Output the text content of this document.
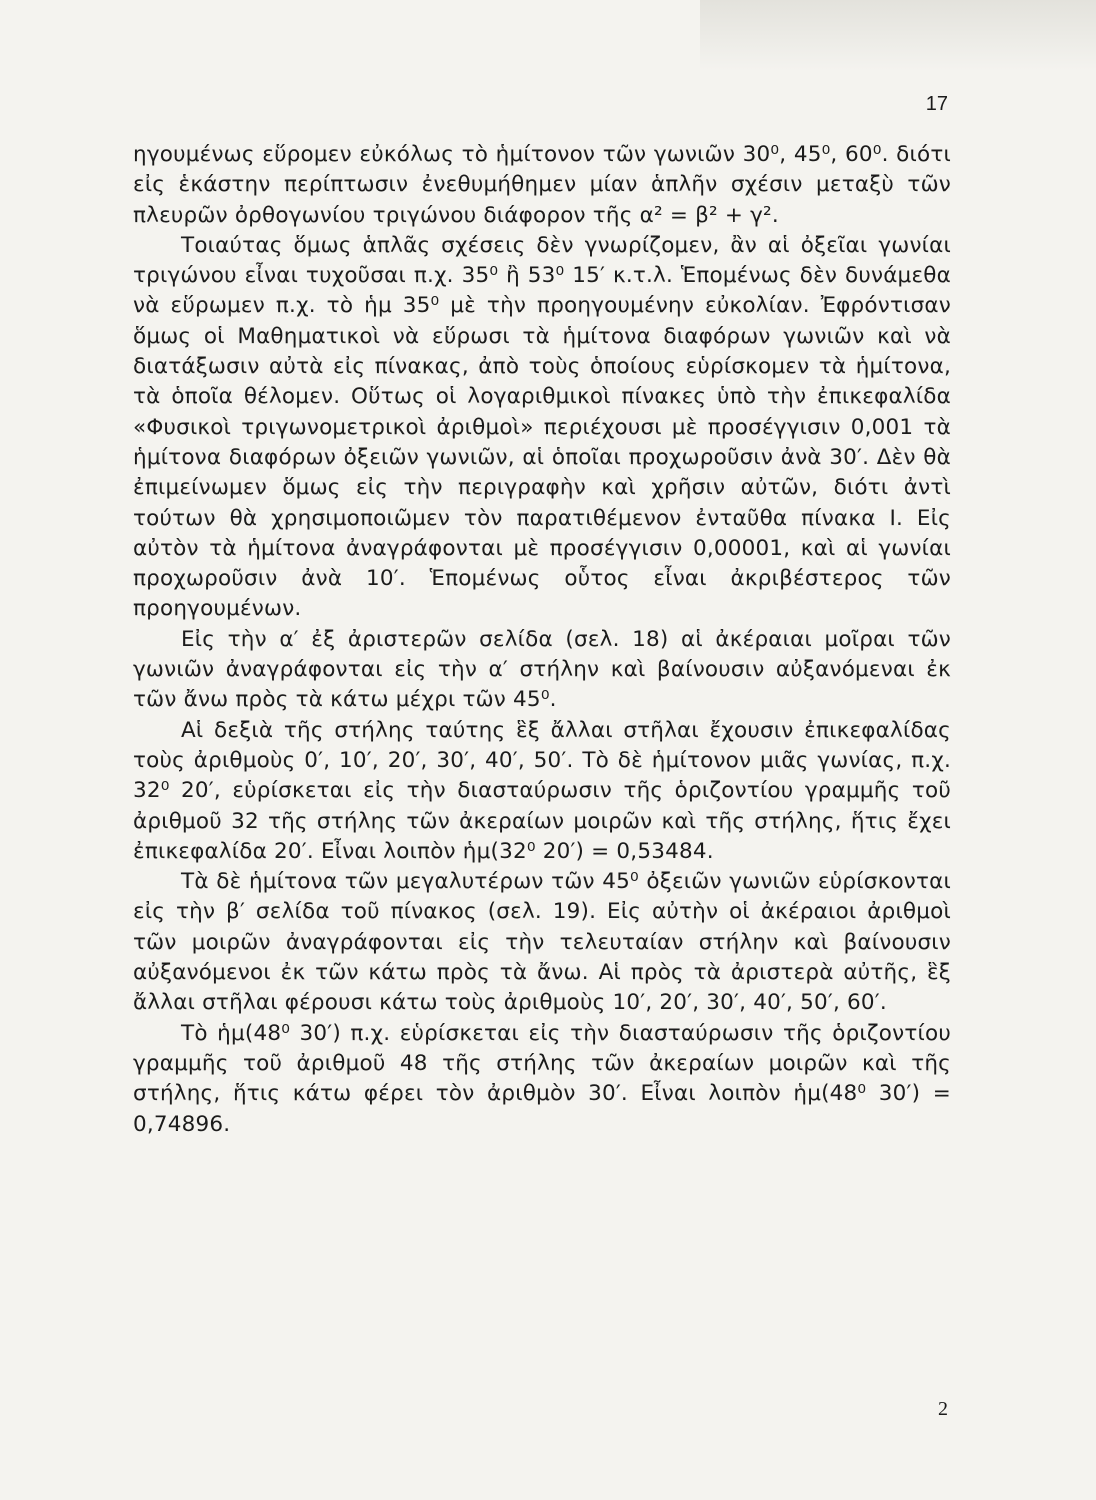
17

ηγουμένως εὕρομεν εὐκόλως τὸ ἡμίτονον τῶν γωνιῶν 30⁰, 45⁰, 60⁰. διότι εἰς ἑκάστην περίπτωσιν ἐνεθυμήθημεν μίαν ἁπλῆν σχέσιν μεταξὺ τῶν πλευρῶν ὀρθογωνίου τριγώνου διάφορον τῆς α² = β² + γ².

Τοιαύτας ὅμως ἁπλᾶς σχέσεις δὲν γνωρίζομεν, ἂν αἱ ὀξεῖαι γωνίαι τριγώνου εἶναι τυχοῦσαι π.χ. 35⁰ ἢ 53⁰ 15′ κ.τ.λ. Ἑπομένως δὲν δυνάμεθα νὰ εὕρωμεν π.χ. τὸ ἡμ 35⁰ μὲ τὴν προηγουμένην εὐκολίαν. Ἐφρόντισαν ὅμως οἱ Μαθηματικοὶ νὰ εὕρωσι τὰ ἡμίτονα διαφόρων γωνιῶν καὶ νὰ διατάξωσιν αὐτὰ εἰς πίνακας, ἀπὸ τοὺς ὁποίους εὑρίσκομεν τὰ ἡμίτονα, τὰ ὁποῖα θέλομεν. Οὕτως οἱ λογαριθμικοὶ πίνακες ὑπὸ τὴν ἐπικεφαλίδα «Φυσικοὶ τριγωνομετρικοὶ ἀριθμοὶ» περιέχουσι μὲ προσέγγισιν 0,001 τὰ ἡμίτονα διαφόρων ὀξειῶν γωνιῶν, αἱ ὁποῖαι προχωροῦσιν ἀνὰ 30′. Δὲν θὰ ἐπιμείνωμεν ὅμως εἰς τὴν περιγραφὴν καὶ χρῆσιν αὐτῶν, διότι ἀντὶ τούτων θὰ χρησιμοποιῶμεν τὸν παρατιθέμενον ἐνταῦθα πίνακα Ι. Εἰς αὐτὸν τὰ ἡμίτονα ἀναγράφονται μὲ προσέγγισιν 0,00001, καὶ αἱ γωνίαι προχωροῦσιν ἀνὰ 10′. Ἑπομένως οὗτος εἶναι ἀκριβέστερος τῶν προηγουμένων.

Εἰς τὴν α′ ἐξ ἀριστερῶν σελίδα (σελ. 18) αἱ ἀκέραιαι μοῖραι τῶν γωνιῶν ἀναγράφονται εἰς τὴν α′ στήλην καὶ βαίνουσιν αὐξανόμεναι ἐκ τῶν ἄνω πρὸς τὰ κάτω μέχρι τῶν 45⁰.

Αἱ δεξιὰ τῆς στήλης ταύτης ἓξ ἄλλαι στῆλαι ἔχουσιν ἐπικεφαλίδας τοὺς ἀριθμοὺς 0′, 10′, 20′, 30′, 40′, 50′. Τὸ δὲ ἡμίτονον μιᾶς γωνίας, π.χ. 32⁰ 20′, εὑρίσκεται εἰς τὴν διασταύρωσιν τῆς ὁριζοντίου γραμμῆς τοῦ ἀριθμοῦ 32 τῆς στήλης τῶν ἀκεραίων μοιρῶν καὶ τῆς στήλης, ἥτις ἔχει ἐπικεφαλίδα 20′. Εἶναι λοιπὸν ἡμ(32⁰ 20′) = 0,53484.

Τὰ δὲ ἡμίτονα τῶν μεγαλυτέρων τῶν 45⁰ ὀξειῶν γωνιῶν εὑρίσκονται εἰς τὴν β′ σελίδα τοῦ πίνακος (σελ. 19). Εἰς αὐτὴν οἱ ἀκέραιοι ἀριθμοὶ τῶν μοιρῶν ἀναγράφονται εἰς τὴν τελευταίαν στήλην καὶ βαίνουσιν αὐξανόμενοι ἐκ τῶν κάτω πρὸς τὰ ἄνω. Αἱ πρὸς τὰ ἀριστερὰ αὐτῆς, ἓξ ἄλλαι στῆλαι φέρουσι κάτω τοὺς ἀριθμοὺς 10′, 20′, 30′, 40′, 50′, 60′.

Τὸ ἡμ(48⁰ 30′) π.χ. εὑρίσκεται εἰς τὴν διασταύρωσιν τῆς ὁριζοντίου γραμμῆς τοῦ ἀριθμοῦ 48 τῆς στήλης τῶν ἀκεραίων μοιρῶν καὶ τῆς στήλης, ἥτις κάτω φέρει τὸν ἀριθμὸν 30′. Εἶναι λοιπὸν ἡμ(48⁰ 30′) = 0,74896.

2
